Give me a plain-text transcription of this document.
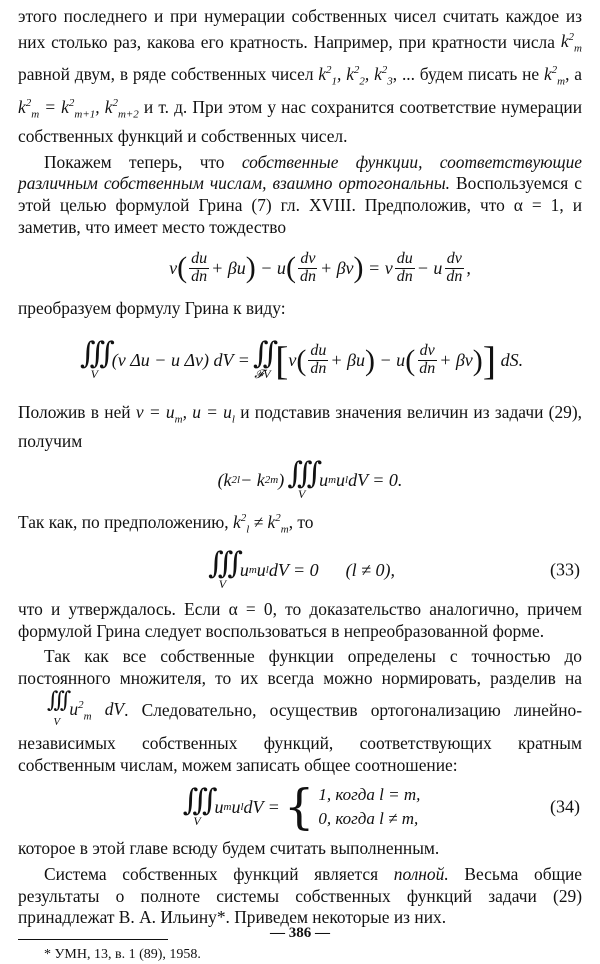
этого последнего и при нумерации собственных чисел считать каждое из них столько раз, какова его кратность. Например, при кратности числа $k^2_m$ равной двум, в ряде собственных чисел $k^2_1$, $k^2_2$, $k^2_3$, ... будем писать не $k^2_m$, а $k^2_m = k^2_{m+1}$, $k^2_{m+2}$ и т. д. При этом у нас сохранится соответствие нумерации собственных функций и собственных чисел.

Покажем теперь, что собственные функции, соответствующие различным собственным числам, взаимно ортогональны. Воспользуемся с этой целью формулой Грина (7) гл. XVIII. Предположив, что α = 1, и заметив, что имеет место тождество

v ( $\frac{du}{dn} + \beta u$ ) − u ( $\frac{dv}{dn} + \beta v$ ) = v $\frac{du}{dn} - u \frac{dv}{dn}$ ,

преобразуем формулу Грина к виду:

∫∫∫
V
(v Δu − u Δv) dV = ∫∫
𝓕V [ v ( $\frac{du}{dn} + \beta u$ ) − u ( $\frac{dv}{dn} + \beta v$ ) ] dS.

Положив в ней $v = u_m$, $u = u_l$ и подставив значения величин из задачи (29), получим

(k 2 l − k 2 m ) ∫∫∫
V
u m u l dV = 0.

Так как, по предположению, $k^2_l \ne k^2_m$, то

∫∫∫
V
u m u l dV = 0 (l ≠ 0),	(33)

что и утверждалось. Если α = 0, то доказательство аналогично, причем формулой Грина следует воспользоваться в непреобразованной форме.

Так как все собственные функции определены с точностью до постоянного множителя, то их всегда можно нормировать, разделив на
∫∫∫
V
$u^2_m$ dV. Следовательно, осуществив ортогонализацию линейно-независимых собственных функций, соответствующих кратным собственным числам, можем записать общее соотношение:

∫∫∫
V
u m u l dV = { 1, когда l = m,
0, когда l ≠ m,
(34)

которое в этой главе всюду будем считать выполненным.

Система собственных функций является полной. Весьма общие результаты о полноте системы собственных функций задачи (29) принадлежат В. А. Ильину*. Приведем некоторые из них.

* УМН, 13, в. 1 (89), 1958.
— 386 —
